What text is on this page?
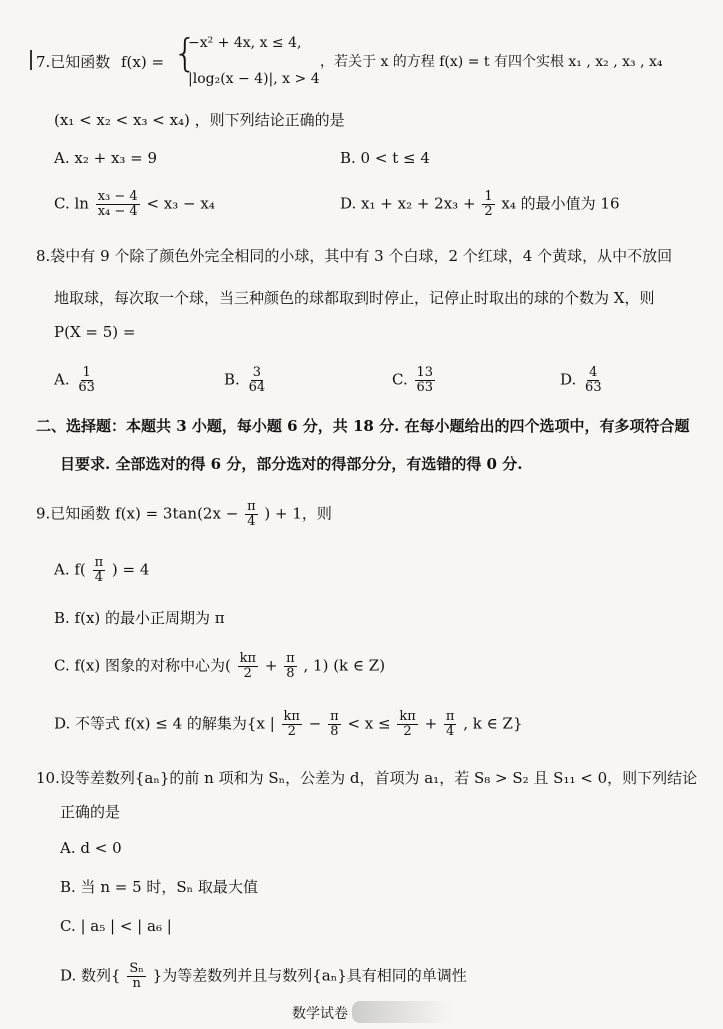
7.已知函数 f(x) = {
−x² + 4x, x ≤ 4,
|log₂(x − 4)|, x > 4
，若关于 x 的方程 f(x) = t 有四个实根 x₁ , x₂ , x₃ , x₄
(x₁ < x₂ < x₃ < x₄) ，则下列结论正确的是
A. x₂ + x₃ = 9	B. 0 < t ≤ 4
C. $\ln \frac{\text{x₃ − 4}}{\text{x₄ − 4}} < x_3 - x_4$	D. $x_1 + x_2 + 2x_3 + \frac{1}{2} x_4$ 的最小值为 16
8.袋中有 9 个除了颜色外完全相同的小球，其中有 3 个白球，2 个红球，4 个黄球，从中不放回
地取球，每次取一个球，当三种颜色的球都取到时停止，记停止时取出的球的个数为 X，则
P(X = 5) =
A. $\frac{1}{63}$	B. $\frac{3}{64}$	C. $\frac{13}{63}$	D. $\frac{4}{63}$
二、选择题：本题共 3 小题，每小题 6 分，共 18 分. 在每小题给出的四个选项中，有多项符合题
目要求. 全部选对的得 6 分，部分选对的得部分分，有选错的得 0 分.
9.已知函数 $f(x) = 3\tan(2x - \frac{\pi}{4}$ ) + 1，则
A. $f( \frac{\pi}{4}$ ) = 4
B. f(x) 的最小正周期为 π
C. f(x) 图象的对称中心为( $\frac{k\pi}{2} + \frac{\pi}{8}$ , 1) (k ∈ Z)
D. 不等式 f(x) ≤ 4 的解集为{x | $\frac{k\pi}{2} - \frac{\pi}{8} < x \le \frac{k\pi}{2} + \frac{\pi}{4}$ , k ∈ Z}
10.设等差数列{aₙ}的前 n 项和为 Sₙ，公差为 d，首项为 a₁，若 S₈ > S₂ 且 S₁₁ < 0，则下列结论
正确的是
A. d < 0
B. 当 n = 5 时，Sₙ 取最大值
C. | a₅ | < | a₆ |
D. 数列{ $\frac{\text{Sₙ}}{n}$ }为等差数列并且与数列{aₙ}具有相同的单调性
数学试卷
